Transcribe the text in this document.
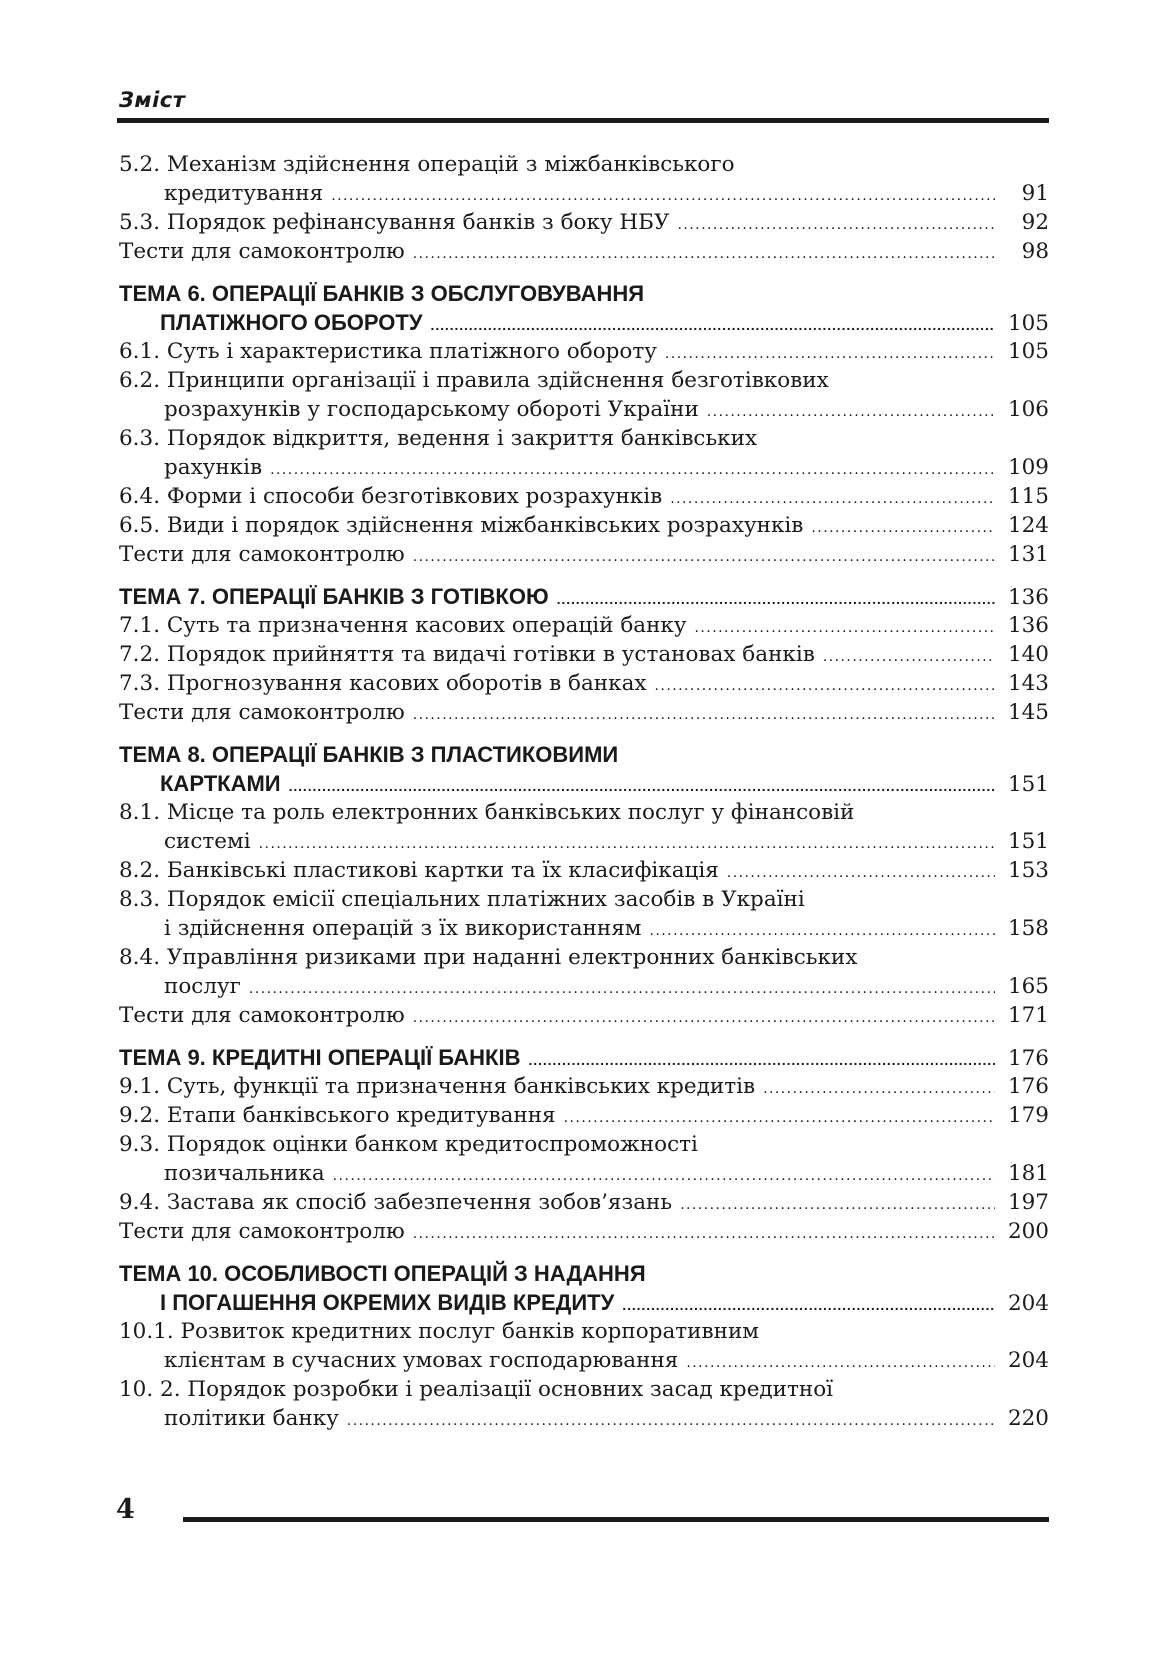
Зміст
5.2. Механізм здійснення операцій з міжбанківського
кредитування . . .	91
5.3. Порядок рефінансування банків з боку НБУ . . .	92
Тести для самоконтролю . . .	98
ТЕМА 6. ОПЕРАЦІЇ БАНКІВ З ОБСЛУГОВУВАННЯ
ПЛАТІЖНОГО ОБОРОТУ . . .	105
6.1. Суть і характеристика платіжного обороту . . .	105
6.2. Принципи організації і правила здійснення безготівкових
розрахунків у господарському обороті України . . .	106
6.3. Порядок відкриття, ведення і закриття банківських
рахунків . . .	109
6.4. Форми і способи безготівкових розрахунків . . .	115
6.5. Види і порядок здійснення міжбанківських розрахунків . . .	124
Тести для самоконтролю . . .	131
ТЕМА 7. ОПЕРАЦІЇ БАНКІВ З ГОТІВКОЮ . . .	136
7.1. Суть та призначення касових операцій банку . . .	136
7.2. Порядок прийняття та видачі готівки в установах банків . . .	140
7.3. Прогнозування касових оборотів в банках . . .	143
Тести для самоконтролю . . .	145
ТЕМА 8. ОПЕРАЦІЇ БАНКІВ З ПЛАСТИКОВИМИ
КАРТКАМИ . . .	151
8.1. Місце та роль електронних банківських послуг у фінансовій
системі . . .	151
8.2. Банківські пластикові картки та їх класифікація . . .	153
8.3. Порядок емісії спеціальних платіжних засобів в Україні
і здійснення операцій з їх використанням . . .	158
8.4. Управління ризиками при наданні електронних банківських
послуг . . .	165
Тести для самоконтролю . . .	171
ТЕМА 9. КРЕДИТНІ ОПЕРАЦІЇ БАНКІВ . . .	176
9.1. Суть, функції та призначення банківських кредитів . . .	176
9.2. Етапи банківського кредитування . . .	179
9.3. Порядок оцінки банком кредитоспроможності
позичальника . . .	181
9.4. Застава як спосіб забезпечення зобов’язань . . .	197
Тести для самоконтролю . . .	200
ТЕМА 10. ОСОБЛИВОСТІ ОПЕРАЦІЙ З НАДАННЯ
І ПОГАШЕННЯ ОКРЕМИХ ВИДІВ КРЕДИТУ . . .	204
10.1. Розвиток кредитних послуг банків корпоративним
клієнтам в сучасних умовах господарювання . . .	204
10. 2. Порядок розробки і реалізації основних засад кредитної
політики банку . . .	220
4
